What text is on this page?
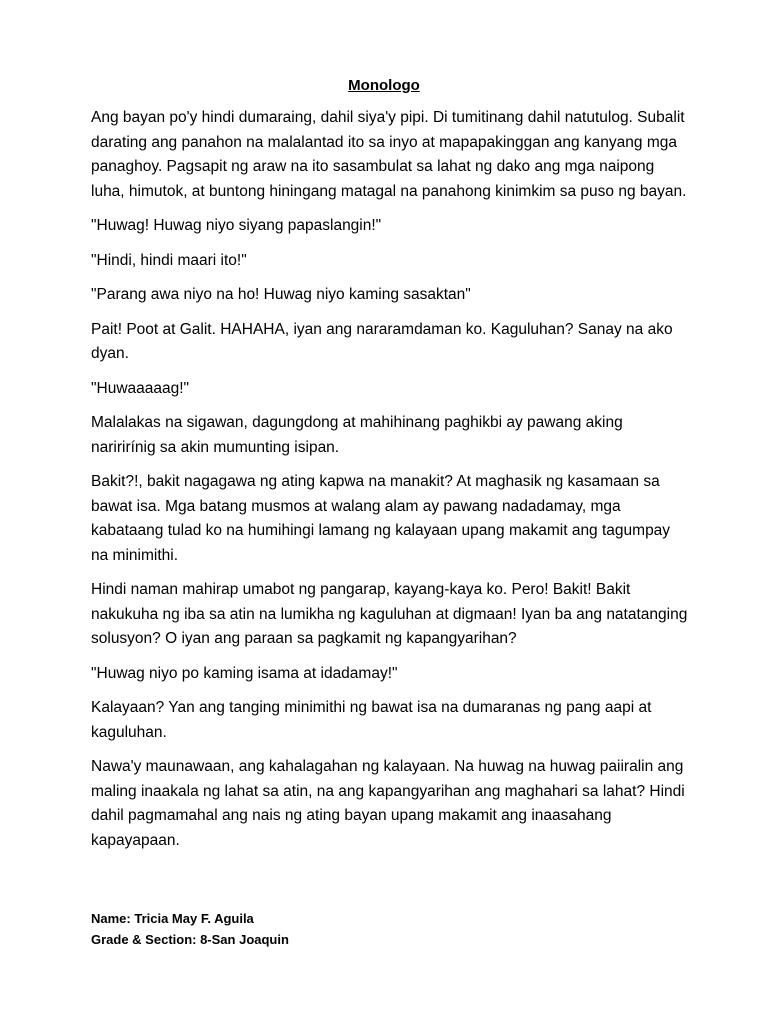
Monologo

Ang bayan po'y hindi dumaraing, dahil siya'y pipi. Di tumitinang dahil natutulog. Subalit darating ang panahon na malalantad ito sa inyo at mapapakinggan ang kanyang mga panaghoy. Pagsapit ng araw na ito sasambulat sa lahat ng dako ang mga naipong luha, himutok, at buntong hiningang matagal na panahong kinimkim sa puso ng bayan.

"Huwag! Huwag niyo siyang papaslangin!"

"Hindi, hindi maari ito!"

"Parang awa niyo na ho! Huwag niyo kaming sasaktan"

Pait! Poot at Galit. HAHAHA, iyan ang nararamdaman ko. Kaguluhan? Sanay na ako dyan.

"Huwaaaaag!"

Malalakas na sigawan, dagungdong at mahihinang paghikbi ay pawang aking naririrínig sa akin mumunting isipan.

Bakit?!, bakit nagagawa ng ating kapwa na manakit? At maghasik ng kasamaan sa bawat isa. Mga batang musmos at walang alam ay pawang nadadamay, mga kabataang tulad ko na humihingi lamang ng kalayaan upang makamit ang tagumpay na minimithi.

Hindi naman mahirap umabot ng pangarap, kayang-kaya ko. Pero! Bakit! Bakit nakukuha ng iba sa atin na lumikha ng kaguluhan at digmaan! Iyan ba ang natatanging solusyon? O iyan ang paraan sa pagkamit ng kapangyarihan?

"Huwag niyo po kaming isama at idadamay!"

Kalayaan? Yan ang tanging minimithi ng bawat isa na dumaranas ng pang aapi at kaguluhan.

Nawa'y maunawaan, ang kahalagahan ng kalayaan. Na huwag na huwag paiiralin ang maling inaakala ng lahat sa atin, na ang kapangyarihan ang maghahari sa lahat? Hindi dahil pagmamahal ang nais ng ating bayan upang makamit ang inaasahang kapayapaan.

Name: Tricia May F. Aguila
Grade & Section: 8-San Joaquin
